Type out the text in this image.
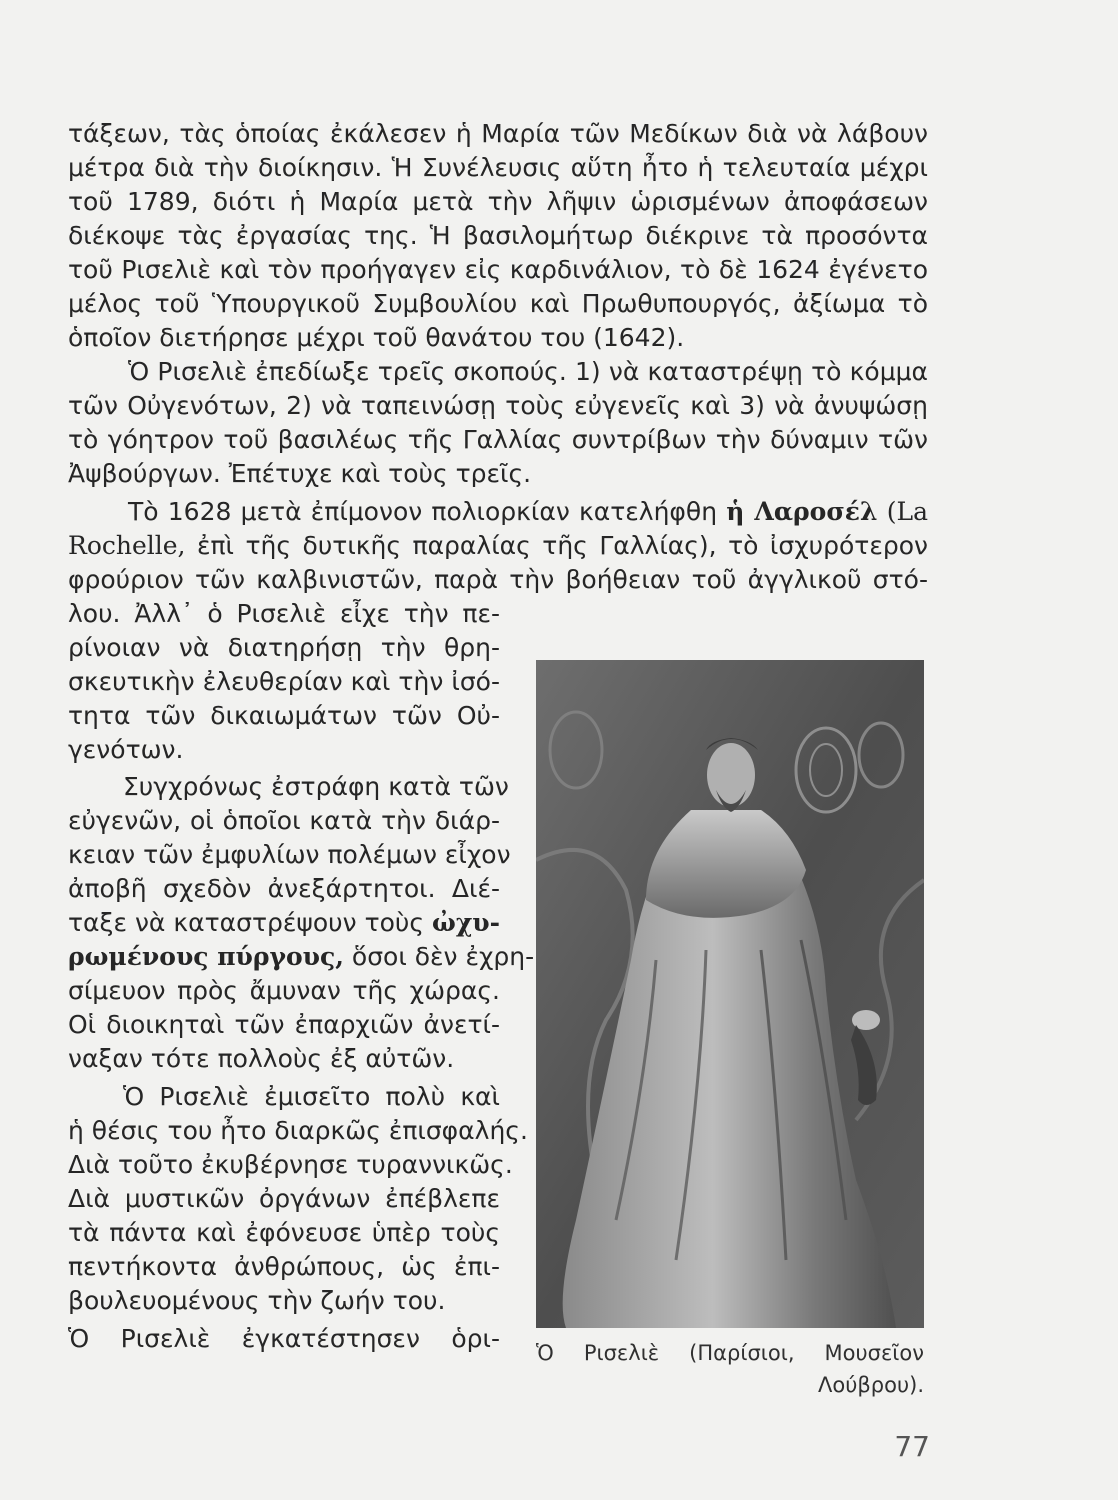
τάξεων, τὰς ὁποίας ἐκάλεσεν ἡ Μαρία τῶν Μεδίκων διὰ νὰ λάβουν
μέτρα διὰ τὴν διοίκησιν. Ἡ Συνέλευσις αὕτη ἦτο ἡ τελευταία μέχρι
τοῦ 1789, διότι ἡ Μαρία μετὰ τὴν λῆψιν ὡρισμένων ἀποφάσεων
διέκοψε τὰς ἐργασίας της. Ἡ βασιλομήτωρ διέκρινε τὰ προσόντα
τοῦ Ρισελιὲ καὶ τὸν προήγαγεν εἰς καρδινάλιον, τὸ δὲ 1624 ἐγένετο
μέλος τοῦ Ὑπουργικοῦ Συμβουλίου καὶ Πρωθυπουργός, ἀξίωμα τὸ
ὁποῖον διετήρησε μέχρι τοῦ θανάτου του (1642).
Ὁ Ρισελιὲ ἐπεδίωξε τρεῖς σκοπούς. 1) νὰ καταστρέψῃ τὸ κόμμα
τῶν Οὐγενότων, 2) νὰ ταπεινώσῃ τοὺς εὐγενεῖς καὶ 3) νὰ ἀνυψώσῃ
τὸ γόητρον τοῦ βασιλέως τῆς Γαλλίας συντρίβων τὴν δύναμιν τῶν
Ἀψβούργων. Ἐπέτυχε καὶ τοὺς τρεῖς.
Τὸ 1628 μετὰ ἐπίμονον πολιορκίαν κατελήφθη ἡ Λαροσέλ (La
Rochelle, ἐπὶ τῆς δυτικῆς παραλίας τῆς Γαλλίας), τὸ ἰσχυρότερον
φρούριον τῶν καλβινιστῶν, παρὰ τὴν βοήθειαν τοῦ ἀγγλικοῦ στό-
λου. Ἀλλ᾽ ὁ Ρισελιὲ εἶχε τὴν πε-
ρίνοιαν νὰ διατηρήσῃ τὴν θρη-
σκευτικὴν ἐλευθερίαν καὶ τὴν ἰσό-
τητα τῶν δικαιωμάτων τῶν Οὐ-
γενότων.
Συγχρόνως ἐστράφη κατὰ τῶν
εὐγενῶν, οἱ ὁποῖοι κατὰ τὴν διάρ-
κειαν τῶν ἐμφυλίων πολέμων εἶχον
ἀποβῆ σχεδὸν ἀνεξάρτητοι. Διέ-
ταξε νὰ καταστρέψουν τοὺς ὠχυ-
ρωμένους πύργους, ὅσοι δὲν ἐχρη-
σίμευον πρὸς ἄμυναν τῆς χώρας.
Οἱ διοικηταὶ τῶν ἐπαρχιῶν ἀνετί-
ναξαν τότε πολλοὺς ἐξ αὐτῶν.
Ὁ Ρισελιὲ ἐμισεῖτο πολὺ καὶ
ἡ θέσις του ἦτο διαρκῶς ἐπισφαλής.
Διὰ τοῦτο ἐκυβέρνησε τυραννικῶς.
Διὰ μυστικῶν ὀργάνων ἐπέβλεπε
τὰ πάντα καὶ ἐφόνευσε ὑπὲρ τοὺς
πεντήκοντα ἀνθρώπους, ὡς ἐπι-
βουλευομένους τὴν ζωήν του.
Ὁ Ρισελιὲ ἐγκατέστησεν ὁρι- Ὁ Ρισελιὲ (Παρίσιοι, Μουσεῖον
Λούβρου).
77
